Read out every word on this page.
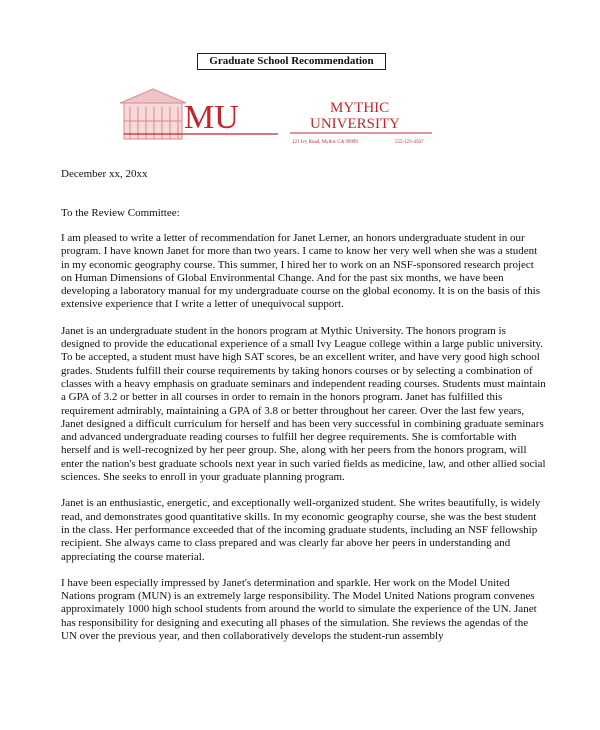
Graduate School Recommendation
MU	MYTHIC
UNIVERSITY
123 Ivy Road, Mythic CA 99999	555-123-4567
December xx, 20xx
To the Review Committee:

I am pleased to write a letter of recommendation for Janet Lerner, an honors undergraduate student in our program. I have known Janet for more than two years. I came to know her very well when she was a student in my economic geography course. This summer, I hired her to work on an NSF-sponsored research project on Human Dimensions of Global Environmental Change. And for the past six months, we have been developing a laboratory manual for my undergraduate course on the global economy. It is on the basis of this extensive experience that I write a letter of unequivocal support.

Janet is an undergraduate student in the honors program at Mythic University. The honors program is designed to provide the educational experience of a small Ivy League college within a large public university. To be accepted, a student must have high SAT scores, be an excellent writer, and have very good high school grades. Students fulfill their course requirements by taking honors courses or by selecting a combination of classes with a heavy emphasis on graduate seminars and independent reading courses. Students must maintain a GPA of 3.2 or better in all courses in order to remain in the honors program. Janet has fulfilled this requirement admirably, maintaining a GPA of 3.8 or better throughout her career. Over the last few years, Janet designed a difficult curriculum for herself and has been very successful in combining graduate seminars and advanced undergraduate reading courses to fulfill her degree requirements. She is comfortable with herself and is well-recognized by her peer group. She, along with her peers from the honors program, will enter the nation's best graduate schools next year in such varied fields as medicine, law, and other allied social sciences. She seeks to enroll in your graduate planning program.

Janet is an enthusiastic, energetic, and exceptionally well-organized student. She writes beautifully, is widely read, and demonstrates good quantitative skills. In my economic geography course, she was the best student in the class. Her performance exceeded that of the incoming graduate students, including an NSF fellowship recipient. She always came to class prepared and was clearly far above her peers in understanding and appreciating the course material.

I have been especially impressed by Janet's determination and sparkle. Her work on the Model United Nations program (MUN) is an extremely large responsibility. The Model United Nations program convenes approximately 1000 high school students from around the world to simulate the experience of the UN. Janet has responsibility for designing and executing all phases of the simulation. She reviews the agendas of the UN over the previous year, and then collaboratively develops the student-run assembly
